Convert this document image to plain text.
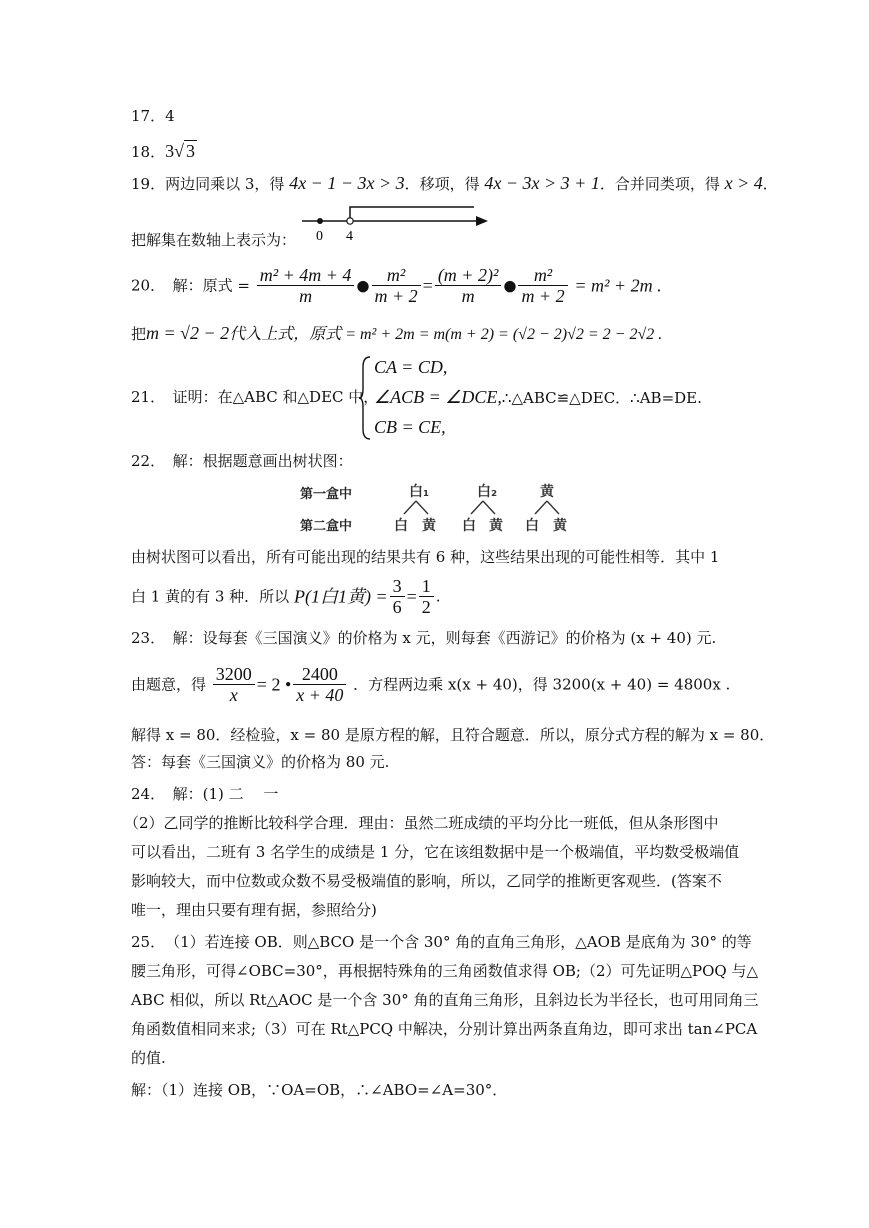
17．4
18．3√ 3
19．两边同乘以 3，得 4x − 1 − 3x > 3．移项，得 4x − 3x > 3 + 1．合并同类项，得 x > 4．
把解集在数轴上表示为： 0 4
20．　解：原式 = $\frac{\text{m² + 4m + 4}}{m}$ ● $\frac{\text{m²}}{m + 2} = \frac{\text{(m + 2)²}}{m}$ ● $\frac{\text{m²}}{m + 2} = m^2 + 2m$ .
把m = √2 − 2代入上式，原式 = m² + 2m = m(m + 2) = (√2 − 2)√2 = 2 − 2√2 .
21．　证明：在△ABC 和△DEC 中，
CA = CD,
∠ACB = ∠DCE,∴△ABC≌△DEC．∴AB=DE.
CB = CE,
22．　解：根据题意画出树状图：
第一盒中
第二盒中
白₁	白₂	黄
白 黄 白 黄 白 黄
由树状图可以看出，所有可能出现的结果共有 6 种，这些结果出现的可能性相等．其中 1
白 1 黄的有 3 种．所以 P(1白1黄) = $\frac{3}{6} = \frac{1}{2}$ .
23．　解：设每套《三国演义》的价格为 x 元，则每套《西游记》的价格为 (x + 40) 元.
由题意，得 $\frac{3200}{x} = 2$ • $\frac{2400}{x + 40}$ ．方程两边乘 x(x + 40)，得 3200(x + 40) = 4800x .
解得 x = 80．经检验，x = 80 是原方程的解，且符合题意．所以，原分式方程的解为 x = 80．
答：每套《三国演义》的价格为 80 元.
24．　解：(1) 二　 一
（2）乙同学的推断比较科学合理．理由：虽然二班成绩的平均分比一班低，但从条形图中
可以看出，二班有 3 名学生的成绩是 1 分，它在该组数据中是一个极端值，平均数受极端值
影响较大，而中位数或众数不易受极端值的影响，所以，乙同学的推断更客观些．(答案不
唯一，理由只要有理有据，参照给分)
25．　（1）若连接 OB．则△BCO 是一个含 30° 角的直角三角形，△AOB 是底角为 30° 的等
腰三角形，可得∠OBC=30°，再根据特殊角的三角函数值求得 OB;（2）可先证明△POQ 与△
ABC 相似，所以 Rt△AOC 是一个含 30° 角的直角三角形，且斜边长为半径长，也可用同角三
角函数值相同来求;（3）可在 Rt△PCQ 中解决，分别计算出两条直角边，即可求出 tan∠PCA
的值.
解：（1）连接 OB，∵OA=OB，∴∠ABO=∠A=30°．
